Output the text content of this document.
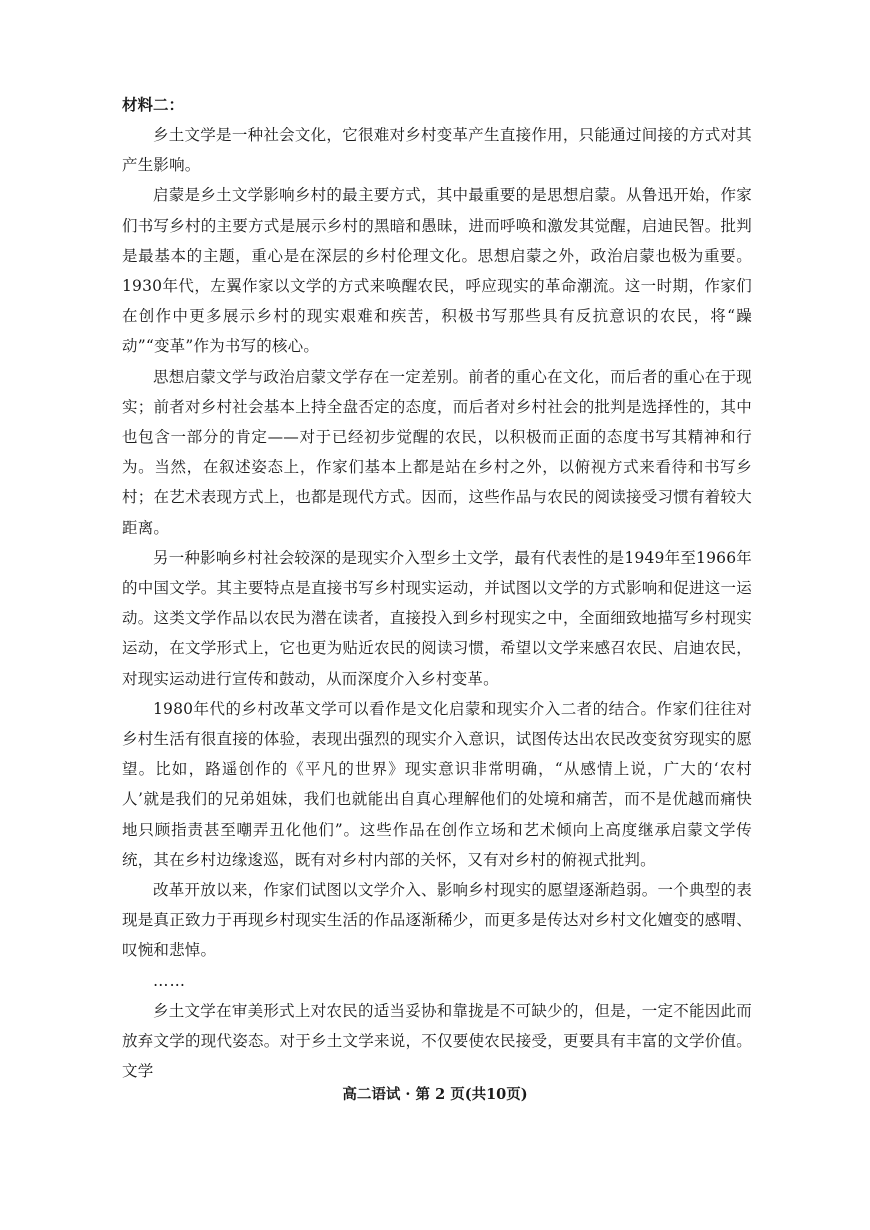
材料二：

乡土文学是一种社会文化，它很难对乡村变革产生直接作用，只能通过间接的方式对其产生影响。

启蒙是乡土文学影响乡村的最主要方式，其中最重要的是思想启蒙。从鲁迅开始，作家们书写乡村的主要方式是展示乡村的黑暗和愚昧，进而呼唤和激发其觉醒，启迪民智。批判是最基本的主题，重心是在深层的乡村伦理文化。思想启蒙之外，政治启蒙也极为重要。1930年代，左翼作家以文学的方式来唤醒农民，呼应现实的革命潮流。这一时期，作家们在创作中更多展示乡村的现实艰难和疾苦，积极书写那些具有反抗意识的农民，将“躁动”“变革”作为书写的核心。

思想启蒙文学与政治启蒙文学存在一定差别。前者的重心在文化，而后者的重心在于现实；前者对乡村社会基本上持全盘否定的态度，而后者对乡村社会的批判是选择性的，其中也包含一部分的肯定——对于已经初步觉醒的农民，以积极而正面的态度书写其精神和行为。当然，在叙述姿态上，作家们基本上都是站在乡村之外，以俯视方式来看待和书写乡村；在艺术表现方式上，也都是现代方式。因而，这些作品与农民的阅读接受习惯有着较大距离。

另一种影响乡村社会较深的是现实介入型乡土文学，最有代表性的是1949年至1966年的中国文学。其主要特点是直接书写乡村现实运动，并试图以文学的方式影响和促进这一运动。这类文学作品以农民为潜在读者，直接投入到乡村现实之中，全面细致地描写乡村现实运动，在文学形式上，它也更为贴近农民的阅读习惯，希望以文学来感召农民、启迪农民，对现实运动进行宣传和鼓动，从而深度介入乡村变革。

1980年代的乡村改革文学可以看作是文化启蒙和现实介入二者的结合。作家们往往对乡村生活有很直接的体验，表现出强烈的现实介入意识，试图传达出农民改变贫穷现实的愿望。比如，路遥创作的《平凡的世界》现实意识非常明确，“从感情上说，广大的‘农村人’就是我们的兄弟姐妹，我们也就能出自真心理解他们的处境和痛苦，而不是优越而痛快地只顾指责甚至嘲弄丑化他们”。这些作品在创作立场和艺术倾向上高度继承启蒙文学传统，其在乡村边缘逡巡，既有对乡村内部的关怀，又有对乡村的俯视式批判。

改革开放以来，作家们试图以文学介入、影响乡村现实的愿望逐渐趋弱。一个典型的表现是真正致力于再现乡村现实生活的作品逐渐稀少，而更多是传达对乡村文化嬗变的感喟、叹惋和悲悼。

……

乡土文学在审美形式上对农民的适当妥协和靠拢是不可缺少的，但是，一定不能因此而放弃文学的现代姿态。对于乡土文学来说，不仅要使农民接受，更要具有丰富的文学价值。文学

高二语试 · 第 2 页(共10页)
